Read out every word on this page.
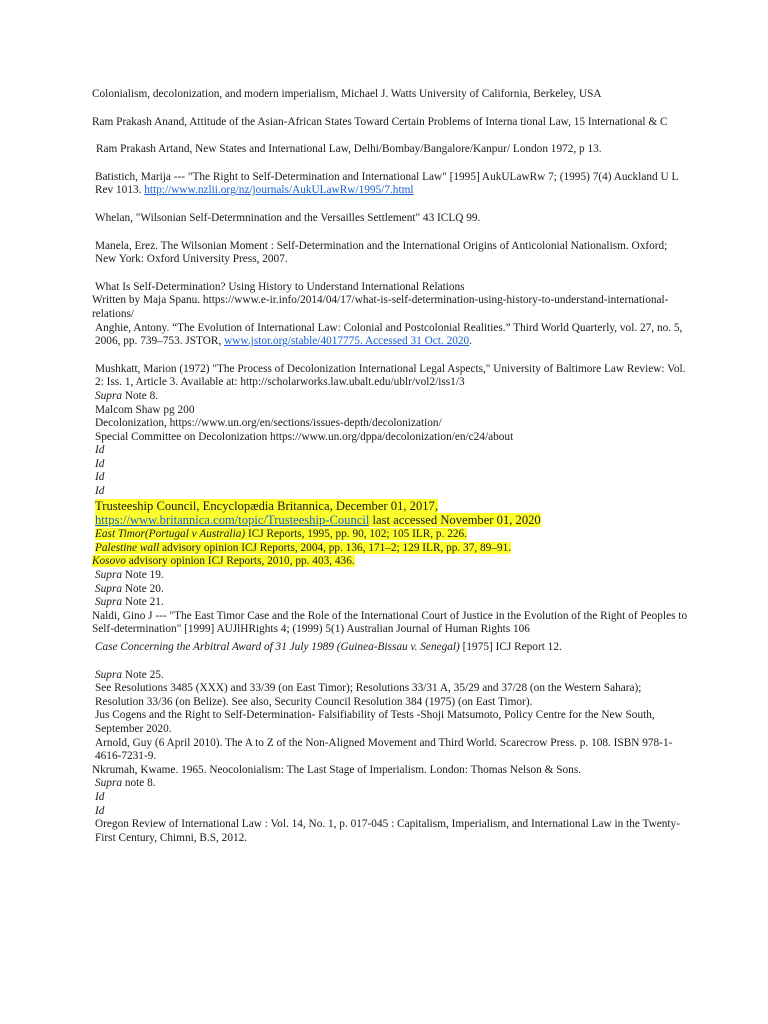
Colonialism, decolonization, and modern imperialism, Michael J. Watts University of California, Berkeley, USA

Ram Prakash Anand, Attitude of the Asian-African States Toward Certain Problems of Interna tional Law, 15 International & C

Ram Prakash Artand, New States and International Law, Delhi/Bombay/Bangalore/Kanpur/ London 1972, p 13.

Batistich, Marija --- "The Right to Self-Determination and International Law" [1995] AukULawRw 7; (1995) 7(4) Auckland U L Rev 1013. http://www.nzlii.org/nz/journals/AukULawRw/1995/7.html

Whelan, "Wilsonian Self-Determnination and the Versailles Settlement" 43 ICLQ 99.

Manela, Erez. The Wilsonian Moment : Self-Determination and the International Origins of Anticolonial Nationalism. Oxford; New York: Oxford University Press, 2007.

What Is Self-Determination? Using History to Understand International Relations

Written by Maja Spanu. https://www.e-ir.info/2014/04/17/what-is-self-determination-using-history-to-understand-international-relations/

Anghie, Antony. “The Evolution of International Law: Colonial and Postcolonial Realities.” Third World Quarterly, vol. 27, no. 5, 2006, pp. 739–753. JSTOR, www.jstor.org/stable/4017775. Accessed 31 Oct. 2020.

Mushkatt, Marion (1972) "The Process of Decolonization International Legal Aspects," University of Baltimore Law Review: Vol. 2: Iss. 1, Article 3. Available at: http://scholarworks.law.ubalt.edu/ublr/vol2/iss1/3

Supra Note 8.

Malcom Shaw pg 200

Decolonization, https://www.un.org/en/sections/issues-depth/decolonization/

Special Committee on Decolonization https://www.un.org/dppa/decolonization/en/c24/about

Id

Id

Id

Id

Trusteeship Council, Encyclopædia Britannica, December 01, 2017,
https://www.britannica.com/topic/Trusteeship-Council last accessed November 01, 2020

East Timor(Portugal v Australia) ICJ Reports, 1995, pp. 90, 102; 105 ILR, p. 226.

Palestine wall advisory opinion ICJ Reports, 2004, pp. 136, 171–2; 129 ILR, pp. 37, 89–91.

Kosovo advisory opinion ICJ Reports, 2010, pp. 403, 436.

Supra Note 19.

Supra Note 20.

Supra Note 21.

Naldi, Gino J --- "The East Timor Case and the Role of the International Court of Justice in the Evolution of the Right of Peoples to Self-determination" [1999] AUJlHRights 4; (1999) 5(1) Australian Journal of Human Rights 106

Case Concerning the Arbitral Award of 31 July 1989 (Guinea-Bissau v. Senegal) [1975] ICJ Report 12.

Supra Note 25.

See Resolutions 3485 (XXX) and 33/39 (on East Timor); Resolutions 33/31 A, 35/29 and 37/28 (on the Western Sahara); Resolution 33/36 (on Belize). See also, Security Council Resolution 384 (1975) (on East Timor).

Jus Cogens and the Right to Self-Determination- Falsifiability of Tests -Shoji Matsumoto, Policy Centre for the New South, September 2020.

Arnold, Guy (6 April 2010). The A to Z of the Non-Aligned Movement and Third World. Scarecrow Press. p. 108. ISBN 978-1-4616-7231-9.

Nkrumah, Kwame. 1965. Neocolonialism: The Last Stage of Imperialism. London: Thomas Nelson & Sons.

Supra note 8.

Id

Id

Oregon Review of International Law : Vol. 14, No. 1, p. 017-045 : Capitalism, Imperialism, and International Law in the Twenty-First Century, Chimni, B.S, 2012.
